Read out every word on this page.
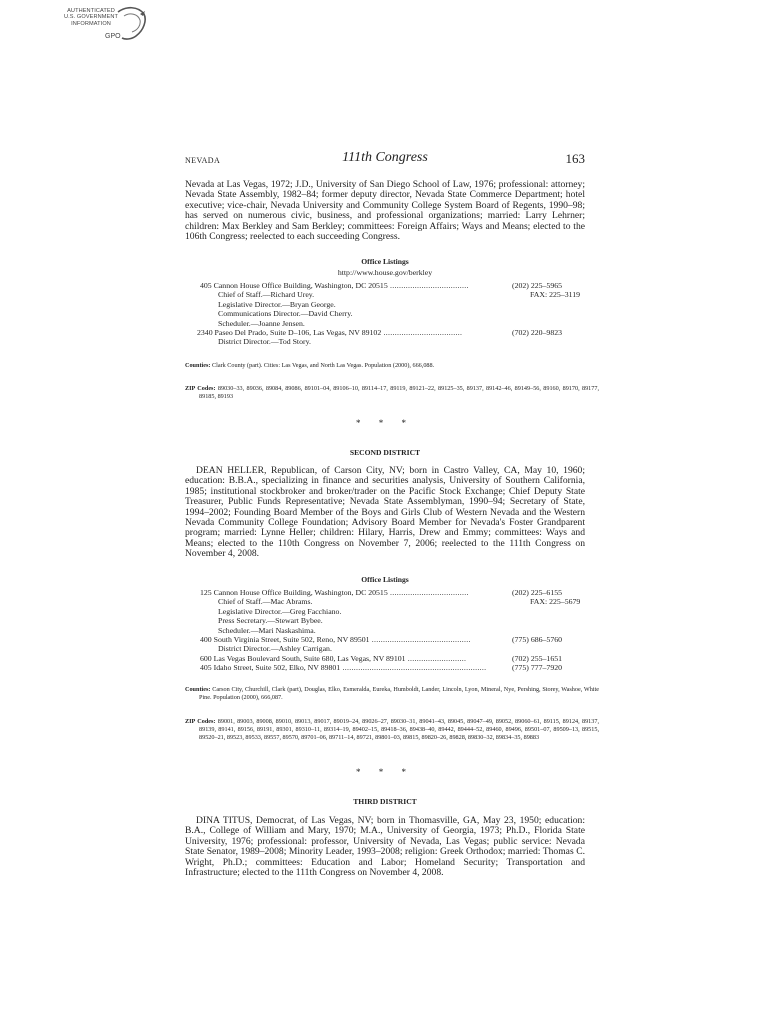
AUTHENTICATED
U.S. GOVERNMENT
INFORMATION
GPO
NEVADA	111th Congress	163
Nevada at Las Vegas, 1972; J.D., University of San Diego School of Law, 1976; professional: attorney; Nevada State Assembly, 1982–84; former deputy director, Nevada State Commerce Department; hotel executive; vice-chair, Nevada University and Community College System Board of Regents, 1990–98; has served on numerous civic, business, and professional organizations; married: Larry Lehrner; children: Max Berkley and Sam Berkley; committees: Foreign Affairs; Ways and Means; elected to the 106th Congress; reelected to each succeeding Congress.
Office Listings
http://www.house.gov/berkley
405 Cannon House Office Building, Washington, DC 20515 ...................................	(202) 225–5965
Chief of Staff.—Richard Urey.	FAX: 225–3119
Legislative Director.—Bryan George.
Communications Director.—David Cherry.
Scheduler.—Joanne Jensen.
2340 Paseo Del Prado, Suite D–106, Las Vegas, NV 89102 ...................................	(702) 220–9823
District Director.—Tod Story.
Counties: Clark County (part). Cities: Las Vegas, and North Las Vegas. Population (2000), 666,088.
ZIP Codes: 89030–33, 89036, 89084, 89086, 89101–04, 89106–10, 89114–17, 89119, 89121–22, 89125–35, 89137, 89142–46, 89149–56, 89160, 89170, 89177, 89185, 89193
* * *
SECOND DISTRICT
DEAN HELLER, Republican, of Carson City, NV; born in Castro Valley, CA, May 10, 1960; education: B.B.A., specializing in finance and securities analysis, University of Southern California, 1985; institutional stockbroker and broker/trader on the Pacific Stock Exchange; Chief Deputy State Treasurer, Public Funds Representative; Nevada State Assemblyman, 1990–94; Secretary of State, 1994–2002; Founding Board Member of the Boys and Girls Club of Western Nevada and the Western Nevada Community College Foundation; Advisory Board Member for Nevada's Foster Grandparent program; married: Lynne Heller; children: Hilary, Harris, Drew and Emmy; committees: Ways and Means; elected to the 110th Congress on November 7, 2006; reelected to the 111th Congress on November 4, 2008.
Office Listings
125 Cannon House Office Building, Washington, DC 20515 ...................................	(202) 225–6155
Chief of Staff.—Mac Abrams.	FAX: 225–5679
Legislative Director.—Greg Facchiano.
Press Secretary.—Stewart Bybee.
Scheduler.—Mari Naskashima.
400 South Virginia Street, Suite 502, Reno, NV 89501 ............................................	(775) 686–5760
District Director.—Ashley Carrigan.
600 Las Vegas Boulevard South, Suite 680, Las Vegas, NV 89101 ..........................	(702) 255–1651
405 Idaho Street, Suite 502, Elko, NV 89801 ................................................................	(775) 777–7920
Counties: Carson City, Churchill, Clark (part), Douglas, Elko, Esmeralda, Eureka, Humboldt, Lander, Lincoln, Lyon, Mineral, Nye, Pershing, Storey, Washoe, White Pine. Population (2000), 666,087.
ZIP Codes: 89001, 89003, 89008, 89010, 89013, 89017, 89019–24, 89026–27, 89030–31, 89041–43, 89045, 89047–49, 89052, 89060–61, 89115, 89124, 89137, 89139, 89141, 89156, 89191, 89301, 89310–11, 89314–19, 89402–15, 89418–36, 89438–40, 89442, 89444–52, 89460, 89496, 89501–07, 89509–13, 89515, 89520–21, 89523, 89533, 89557, 89570, 89701–06, 89711–14, 89721, 89801–03, 89815, 89820–26, 89828, 89830–32, 89834–35, 89883
* * *
THIRD DISTRICT
DINA TITUS, Democrat, of Las Vegas, NV; born in Thomasville, GA, May 23, 1950; education: B.A., College of William and Mary, 1970; M.A., University of Georgia, 1973; Ph.D., Florida State University, 1976; professional: professor, University of Nevada, Las Vegas; public service: Nevada State Senator, 1989–2008; Minority Leader, 1993–2008; religion: Greek Orthodox; married: Thomas C. Wright, Ph.D.; committees: Education and Labor; Homeland Security; Transportation and Infrastructure; elected to the 111th Congress on November 4, 2008.
